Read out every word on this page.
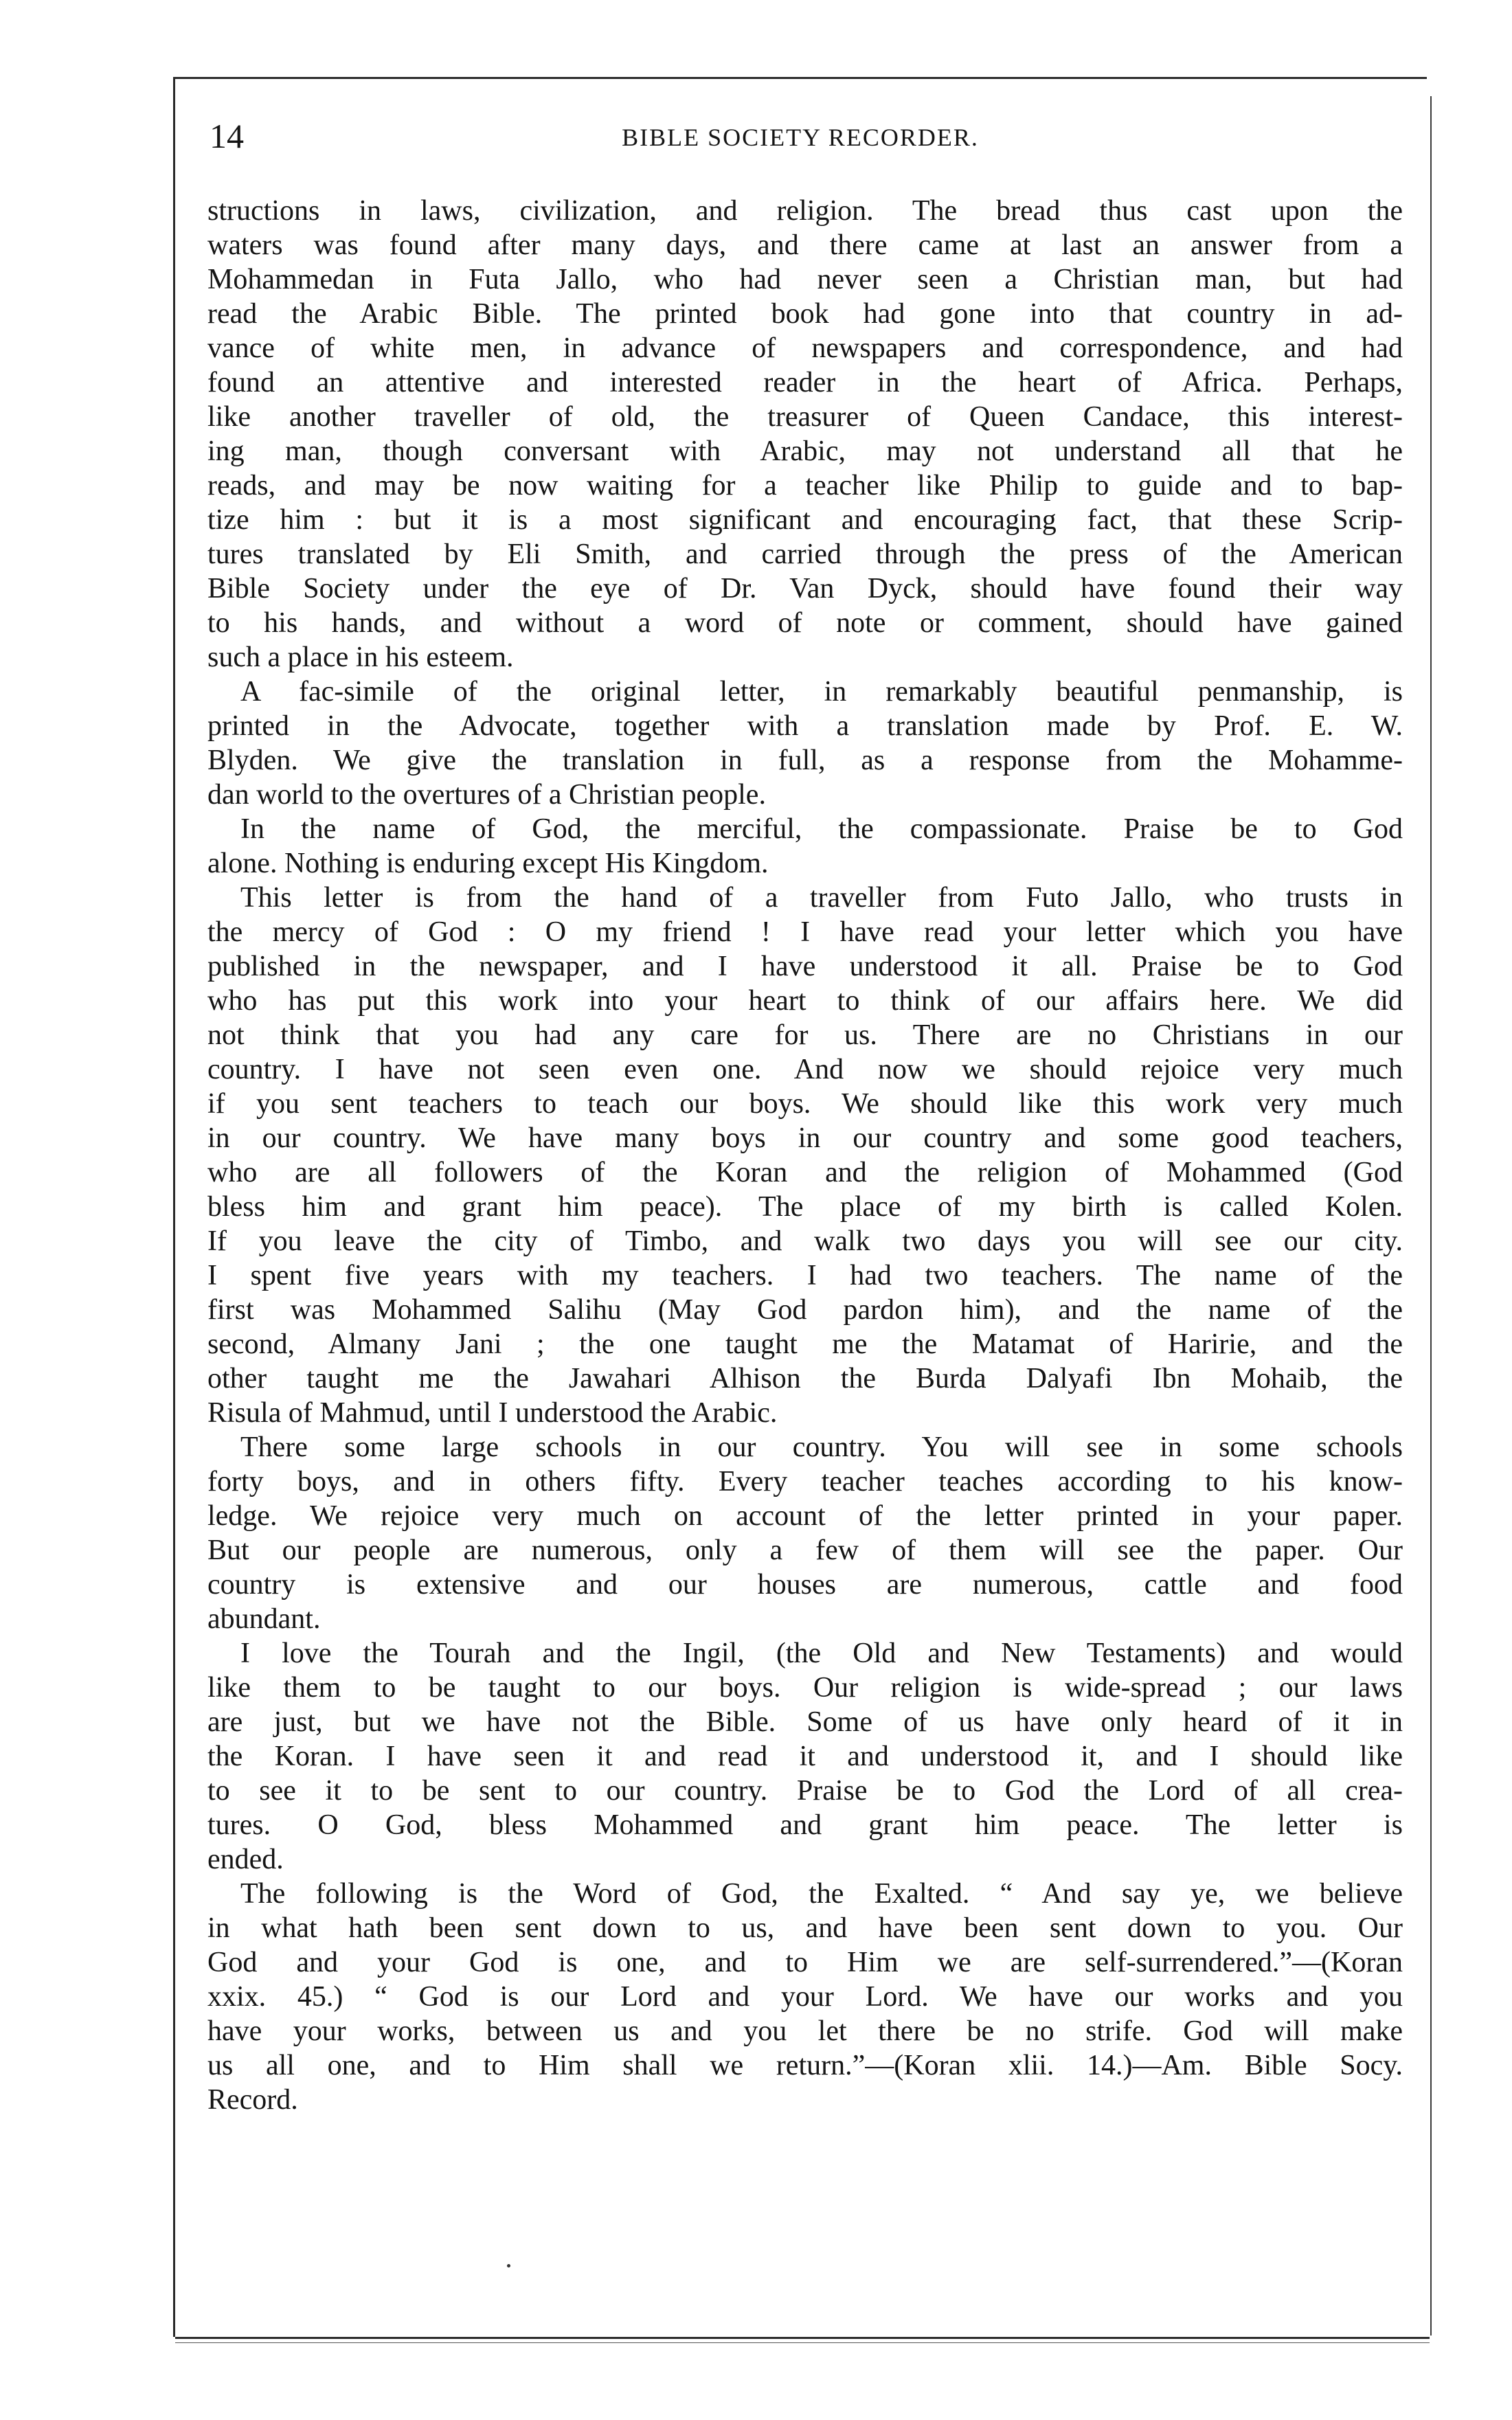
14	BIBLE SOCIETY RECORDER.
structions in laws, civilization, and religion. The bread thus cast upon the
waters was found after many days, and there came at last an answer from a
Mohammedan in Futa Jallo, who had never seen a Christian man, but had
read the Arabic Bible. The printed book had gone into that country in ad-
vance of white men, in advance of newspapers and correspondence, and had
found an attentive and interested reader in the heart of Africa. Perhaps,
like another traveller of old, the treasurer of Queen Candace, this interest-
ing man, though conversant with Arabic, may not understand all that he
reads, and may be now waiting for a teacher like Philip to guide and to bap-
tize him : but it is a most significant and encouraging fact, that these Scrip-
tures translated by Eli Smith, and carried through the press of the American
Bible Society under the eye of Dr. Van Dyck, should have found their way
to his hands, and without a word of note or comment, should have gained
such a place in his esteem.
A fac-simile of the original letter, in remarkably beautiful penmanship, is
printed in the Advocate, together with a translation made by Prof. E. W.
Blyden. We give the translation in full, as a response from the Mohamme-
dan world to the overtures of a Christian people.
In the name of God, the merciful, the compassionate. Praise be to God
alone. Nothing is enduring except His Kingdom.
This letter is from the hand of a traveller from Futo Jallo, who trusts in
the mercy of God : O my friend ! I have read your letter which you have
published in the newspaper, and I have understood it all. Praise be to God
who has put this work into your heart to think of our affairs here. We did
not think that you had any care for us. There are no Christians in our
country. I have not seen even one. And now we should rejoice very much
if you sent teachers to teach our boys. We should like this work very much
in our country. We have many boys in our country and some good teachers,
who are all followers of the Koran and the religion of Mohammed (God
bless him and grant him peace). The place of my birth is called Kolen.
If you leave the city of Timbo, and walk two days you will see our city.
I spent five years with my teachers. I had two teachers. The name of the
first was Mohammed Salihu (May God pardon him), and the name of the
second, Almany Jani ; the one taught me the Matamat of Haririe, and the
other taught me the Jawahari Alhison the Burda Dalyafi Ibn Mohaib, the
Risula of Mahmud, until I understood the Arabic.
There some large schools in our country. You will see in some schools
forty boys, and in others fifty. Every teacher teaches according to his know-
ledge. We rejoice very much on account of the letter printed in your paper.
But our people are numerous, only a few of them will see the paper. Our
country is extensive and our houses are numerous, cattle and food
abundant.
I love the Tourah and the Ingil, (the Old and New Testaments) and would
like them to be taught to our boys. Our religion is wide-spread ; our laws
are just, but we have not the Bible. Some of us have only heard of it in
the Koran. I have seen it and read it and understood it, and I should like
to see it to be sent to our country. Praise be to God the Lord of all crea-
tures. O God, bless Mohammed and grant him peace. The letter is
ended.
The following is the Word of God, the Exalted. “ And say ye, we believe
in what hath been sent down to us, and have been sent down to you. Our
God and your God is one, and to Him we are self-surrendered.”—(Koran
xxix. 45.) “ God is our Lord and your Lord. We have our works and you
have your works, between us and you let there be no strife. God will make
us all one, and to Him shall we return.”—(Koran xlii. 14.)—Am. Bible Socy.
Record.
